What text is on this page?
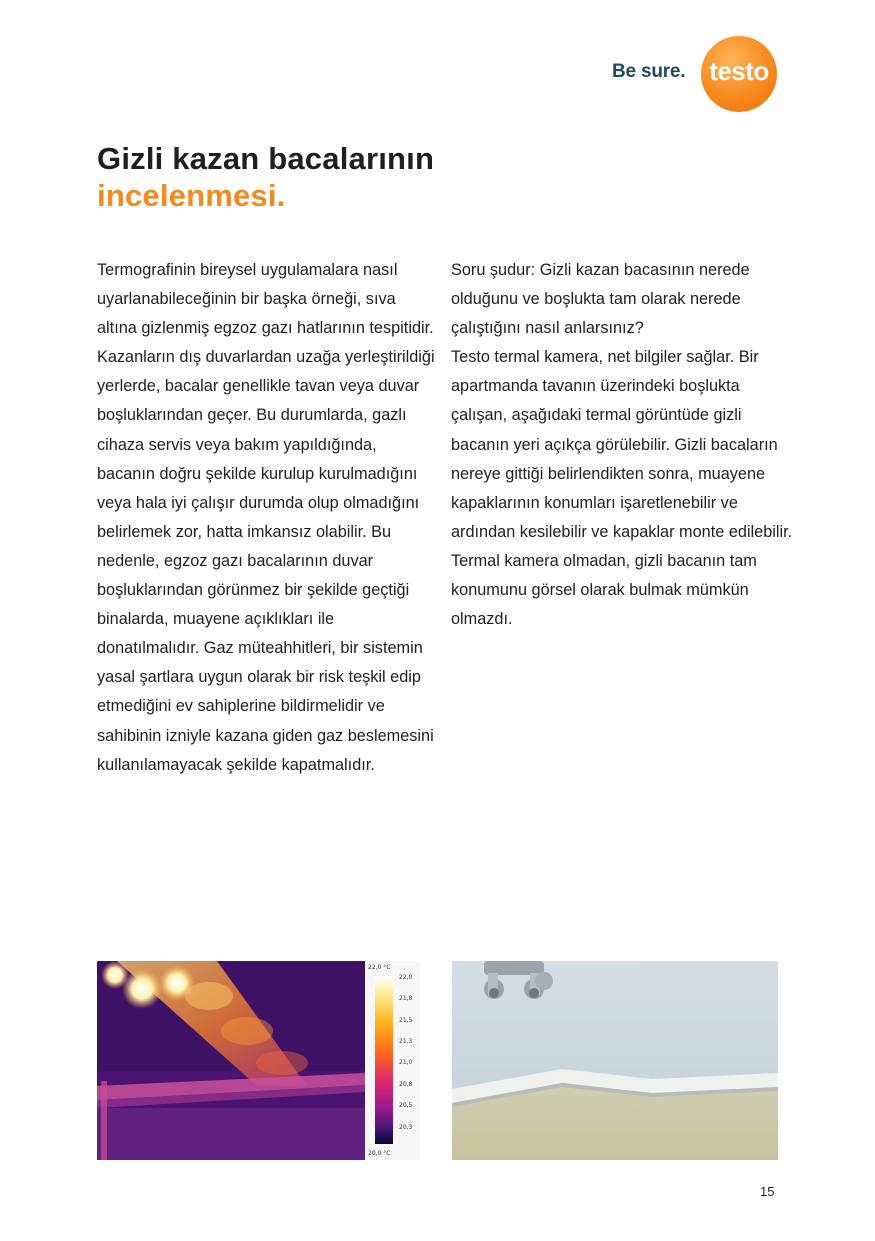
Be sure. testo
Gizli kazan bacalarının
incelenmesi.

Termografinin bireysel uygulamalara nasıl uyarlanabileceğinin bir başka örneği, sıva altına gizlenmiş egzoz gazı hatlarının tespitidir. Kazanların dış duvarlardan uzağa yerleştirildiği yerlerde, bacalar genellikle tavan veya duvar boşluklarından geçer. Bu durumlarda, gazlı cihaza servis veya bakım yapıldığında, bacanın doğru şekilde kurulup kurulmadığını veya hala iyi çalışır durumda olup olmadığını belirlemek zor, hatta imkansız olabilir. Bu nedenle, egzoz gazı bacalarının duvar boşluklarından görünmez bir şekilde geçtiği binalarda, muayene açıklıkları ile donatılmalıdır. Gaz müteahhitleri, bir sistemin yasal şartlara uygun olarak bir risk teşkil edip etmediğini ev sahiplerine bildirmelidir ve sahibinin izniyle kazana giden gaz beslemesini kullanılamayacak şekilde kapatmalıdır.

Soru şudur: Gizli kazan bacasının nerede olduğunu ve boşlukta tam olarak nerede çalıştığını nasıl anlarsınız?

Testo termal kamera, net bilgiler sağlar. Bir apartmanda tavanın üzerindeki boşlukta çalışan, aşağıdaki termal görüntüde gizli bacanın yeri açıkça görülebilir. Gizli bacaların nereye gittiği belirlendikten sonra, muayene kapaklarının konumları işaretlenebilir ve ardından kesilebilir ve kapaklar monte edilebilir. Termal kamera olmadan, gizli bacanın tam konumunu görsel olarak bulmak mümkün olmazdı.

22,0 °C
22,0
21,8
21,5
21,3
21,0
20,8
20,5
20,3
20,0 °C
15
